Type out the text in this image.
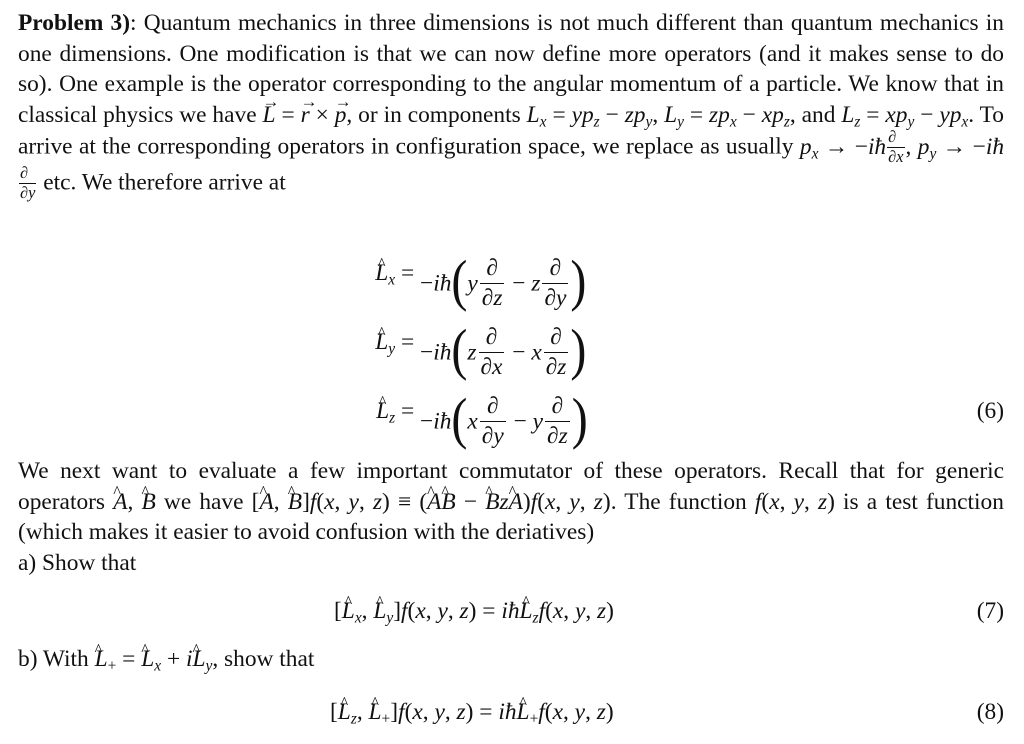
Problem 3): Quantum mechanics in three dimensions is not much different than quantum mechanics in one dimensions. One modification is that we can now define more operators (and it makes sense to do so). One example is the operator corresponding to the angular momentum of a particle. We know that in classical physics we have L → = r → × p →, or in components $L_x = yp_z - zp_y$, $L_y = zp_x - xp_z$, and $L_z = xp_y - yp_x$. To arrive at the corresponding operators in configuration space, we replace as usually $p_x$ → −iħ ∂
∂x , $p_y$ → −iħ
∂
∂y etc. We therefore arrive at
L $\^{}_x$ = −iħ(y $\frac{\partial}{\partial z} - z \frac{\partial}{\partial y}$ )
L $\^{}_y$ = −iħ(z $\frac{\partial}{\partial x} - x \frac{\partial}{\partial z}$ )
L $\^{}_z$ = −iħ(x $\frac{\partial}{\partial y} - y \frac{\partial}{\partial z}$ )	(6)
We next want to evaluate a few important commutator of these operators. Recall that for generic operators A ^, B ^ we have [A ^, B ^]f(x, y, z) ≡ (A ^B ^ − B ^zA ^)f(x, y, z). The function f(x, y, z) is a test function (which makes it easier to avoid confusion with the deriatives)
a) Show that
[L $\^{}_x$, L $\^{}_y]f(x$, y, z) = iħL $\^{}_zf(x$, y, z)	(7)
b) With L $\^{}_+ = L$ $\^{}_x$ + iL $\^{}_y$, show that
[L $\^{}_z$, L $\^{}_+]f(x$, y, z) = iħL $\^{}_+f(x$, y, z)	(8)
